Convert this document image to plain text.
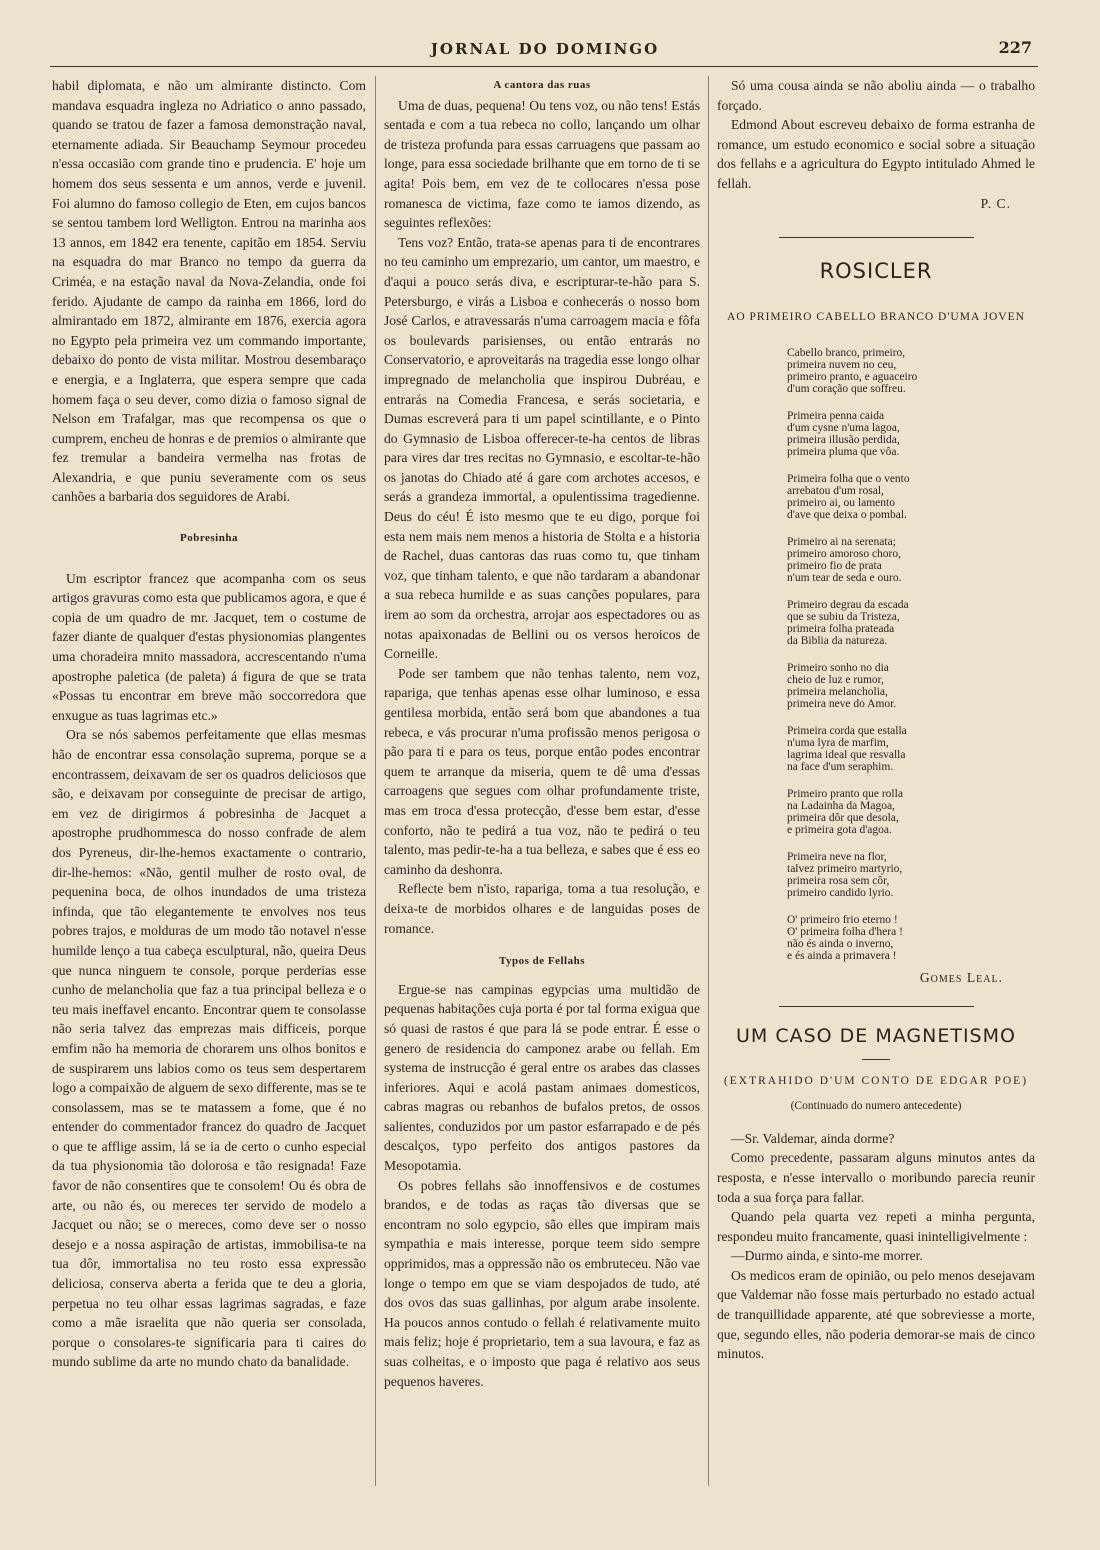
JORNAL DO DOMINGO	227

habil diplomata, e não um almirante distincto. Com mandava esquadra ingleza no Adriatico o anno passado, quando se tratou de fazer a famosa demonstração naval, eternamente adiada. Sir Beauchamp Seymour procedeu n'essa occasião com grande tino e prudencia. E' hoje um homem dos seus sessenta e um annos, verde e juvenil. Foi alumno do famoso collegio de Eten, em cujos bancos se sentou tambem lord Welligton. Entrou na marinha aos 13 annos, em 1842 era tenente, capitão em 1854. Serviu na esquadra do mar Branco no tempo da guerra da Criméa, e na estação naval da Nova-Zelandia, onde foi ferido. Ajudante de campo da rainha em 1866, lord do almirantado em 1872, almirante em 1876, exercia agora no Egypto pela primeira vez um commando importante, debaixo do ponto de vista militar. Mostrou desembaraço e energia, e a Inglaterra, que espera sempre que cada homem faça o seu dever, como dizia o famoso signal de Nelson em Trafalgar, mas que recompensa os que o cumprem, encheu de honras e de premios o almirante que fez tremular a bandeira vermelha nas frotas de Alexandria, e que puniu severamente com os seus canhões a barbaria dos seguidores de Arabi.

Pobresinha

Um escriptor francez que acompanha com os seus artigos gravuras como esta que publicamos agora, e que é copia de um quadro de mr. Jacquet, tem o costume de fazer diante de qualquer d'estas physionomias plangentes uma choradeira mnito massadora, accrescentando n'uma apostrophe paletica (de paleta) á figura de que se trata «Possas tu encontrar em breve mão soccorredora que enxugue as tuas lagrimas etc.»

Ora se nós sabemos perfeitamente que ellas mesmas hão de encontrar essa consolação suprema, porque se a encontrassem, deixavam de ser os quadros deliciosos que são, e deixavam por conseguinte de precisar de artigo, em vez de dirigirmos á pobresinha de Jacquet a apostrophe prudhommesca do nosso confrade de alem dos Pyreneus, dir-lhe-hemos exactamente o contrario, dir-lhe-hemos: «Não, gentil mulher de rosto oval, de pequenina boca, de olhos inundados de uma tristeza infinda, que tão elegantemente te envolves nos teus pobres trajos, e molduras de um modo tão notavel n'esse humilde lenço a tua cabeça esculptural, não, queira Deus que nunca ninguem te console, porque perderias esse cunho de melancholia que faz a tua principal belleza e o teu mais ineffavel encanto. Encontrar quem te consolasse não seria talvez das emprezas mais difficeis, porque emfim não ha memoria de chorarem uns olhos bonitos e de suspirarem uns labios como os teus sem despertarem logo a compaixão de alguem de sexo differente, mas se te consolassem, mas se te matassem a fome, que é no entender do commentador francez do quadro de Jacquet o que te afflige assim, lá se ia de certo o cunho especial da tua physionomia tão dolorosa e tão resignada! Faze favor de não consentires que te consolem! Ou és obra de arte, ou não és, ou mereces ter servido de modelo a Jacquet ou não; se o mereces, como deve ser o nosso desejo e a nossa aspiração de artistas, immobilisa-te na tua dôr, immortalisa no teu rosto essa expressão deliciosa, conserva aberta a ferida que te deu a gloria, perpetua no teu olhar essas lagrimas sagradas, e faze como a mãe israelita que não queria ser consolada, porque o consolares-te significaria para ti caires do mundo sublime da arte no mundo chato da banalidade.

A cantora das ruas

Uma de duas, pequena! Ou tens voz, ou não tens! Estás sentada e com a tua rebeca no collo, lançando um olhar de tristeza profunda para essas carruagens que passam ao longe, para essa sociedade brilhante que em torno de ti se agita! Pois bem, em vez de te collocares n'essa pose romanesca de victima, faze como te iamos dizendo, as seguintes reflexões:

Tens voz? Então, trata-se apenas para ti de encontrares no teu caminho um emprezario, um cantor, um maestro, e d'aqui a pouco serás diva, e escripturar-te-hão para S. Petersburgo, e virás a Lisboa e conhecerás o nosso bom José Carlos, e atravessarás n'uma carroagem macia e fôfa os boulevards parisienses, ou então entrarás no Conservatorio, e aproveitarás na tragedia esse longo olhar impregnado de melancholia que inspirou Dubréau, e entrarás na Comedia Francesa, e serás societaria, e Dumas escreverá para ti um papel scintillante, e o Pinto do Gymnasio de Lisboa offerecer-te-ha centos de libras para vires dar tres recitas no Gymnasio, e escoltar-te-hão os janotas do Chiado até á gare com archotes accesos, e serás a grandeza immortal, a opulentissima tragedienne. Deus do céu! É isto mesmo que te eu digo, porque foi esta nem mais nem menos a historia de Stolta e a historia de Rachel, duas cantoras das ruas como tu, que tinham voz, que tinham talento, e que não tardaram a abandonar a sua rebeca humilde e as suas canções populares, para irem ao som da orchestra, arrojar aos espectadores ou as notas apaixonadas de Bellini ou os versos heroicos de Corneille.

Pode ser tambem que não tenhas talento, nem voz, rapariga, que tenhas apenas esse olhar luminoso, e essa gentilesa morbida, então será bom que abandones a tua rebeca, e vás procurar n'uma profissão menos perigosa o pão para ti e para os teus, porque então podes encontrar quem te arranque da miseria, quem te dê uma d'essas carroagens que segues com olhar profundamente triste, mas em troca d'essa protecção, d'esse bem estar, d'esse conforto, não te pedirá a tua voz, não te pedirá o teu talento, mas pedir-te-ha a tua belleza, e sabes que é ess eo caminho da deshonra.

Reflecte bem n'isto, rapariga, toma a tua resolução, e deixa-te de morbidos olhares e de languidas poses de romance.

Typos de Fellahs

Ergue-se nas campinas egypcias uma multidão de pequenas habitações cuja porta é por tal forma exigua que só quasi de rastos é que para lá se pode entrar. É esse o genero de residencia do camponez arabe ou fellah. Em systema de instrucção é geral entre os arabes das classes inferiores. Aqui e acolá pastam animaes domesticos, cabras magras ou rebanhos de bufalos pretos, de ossos salientes, conduzidos por um pastor esfarrapado e de pés descalços, typo perfeito dos antigos pastores da Mesopotamia.

Os pobres fellahs são innoffensivos e de costumes brandos, e de todas as raças tão diversas que se encontram no solo egypcio, são elles que impiram mais sympathia e mais interesse, porque teem sido sempre opprimidos, mas a oppressão não os embruteceu. Não vae longe o tempo em que se viam despojados de tudo, até dos ovos das suas gallinhas, por algum arabe insolente. Ha poucos annos contudo o fellah é relativamente muito mais feliz; hoje é proprietario, tem a sua lavoura, e faz as suas colheitas, e o imposto que paga é relativo aos seus pequenos haveres.

Só uma cousa ainda se não aboliu ainda — o trabalho forçado.

Edmond About escreveu debaixo de forma estranha de romance, um estudo economico e social sobre a situação dos fellahs e a agricultura do Egypto intitulado Ahmed le fellah.

P. C.

ROSICLER

AO PRIMEIRO CABELLO BRANCO D'UMA JOVEN

Cabello branco, primeiro,
primeira nuvem no ceu,
primeiro pranto, e aguaceiro
d'um coração que soffreu.
Primeira penna caida
d'um cysne n'uma lagoa,
primeira illusão perdida,
primeira pluma que vôa.
Primeira folha que o vento
arrebatou d'um rosal,
primeiro ai, ou lamento
d'ave que deixa o pombal.
Primeiro ai na serenata;
primeiro amoroso choro,
primeiro fio de prata
n'um tear de seda e ouro.
Primeiro degrau da escada
que se subiu da Tristeza,
primeira folha prateada
da Biblia da natureza.
Primeiro sonho no dia
cheio de luz e rumor,
primeira melancholia,
primeira neve do Amor.
Primeira corda que estalla
n'uma lyra de marfim,
lagrima ideal que resvalla
na face d'um seraphim.
Primeiro pranto que rolla
na Ladainha da Magoa,
primeira dôr que desola,
e primeira gota d'agoa.
Primeira neve na flor,
talvez primeiro martyrio,
primeira rosa sem côr,
primeiro candido lyrio.
O' primeiro frio eterno !
O' primeira folha d'hera !
não és ainda o inverno,
e és ainda a primavera !

Gomes Leal.

UM CASO DE MAGNETISMO

(EXTRAHIDO D'UM CONTO DE EDGAR POE)

(Continuado do numero antecedente)

—Sr. Valdemar, ainda dorme?

Como precedente, passaram alguns minutos antes da resposta, e n'esse intervallo o moribundo parecia reunir toda a sua força para fallar.

Quando pela quarta vez repeti a minha pergunta, respondeu muito francamente, quasi inintelligivelmente :

—Durmo ainda, e sinto-me morrer.

Os medicos eram de opinião, ou pelo menos desejavam que Valdemar não fosse mais perturbado no estado actual de tranquillidade apparente, até que sobreviesse a morte, que, segundo elles, não poderia demorar-se mais de cinco minutos.
